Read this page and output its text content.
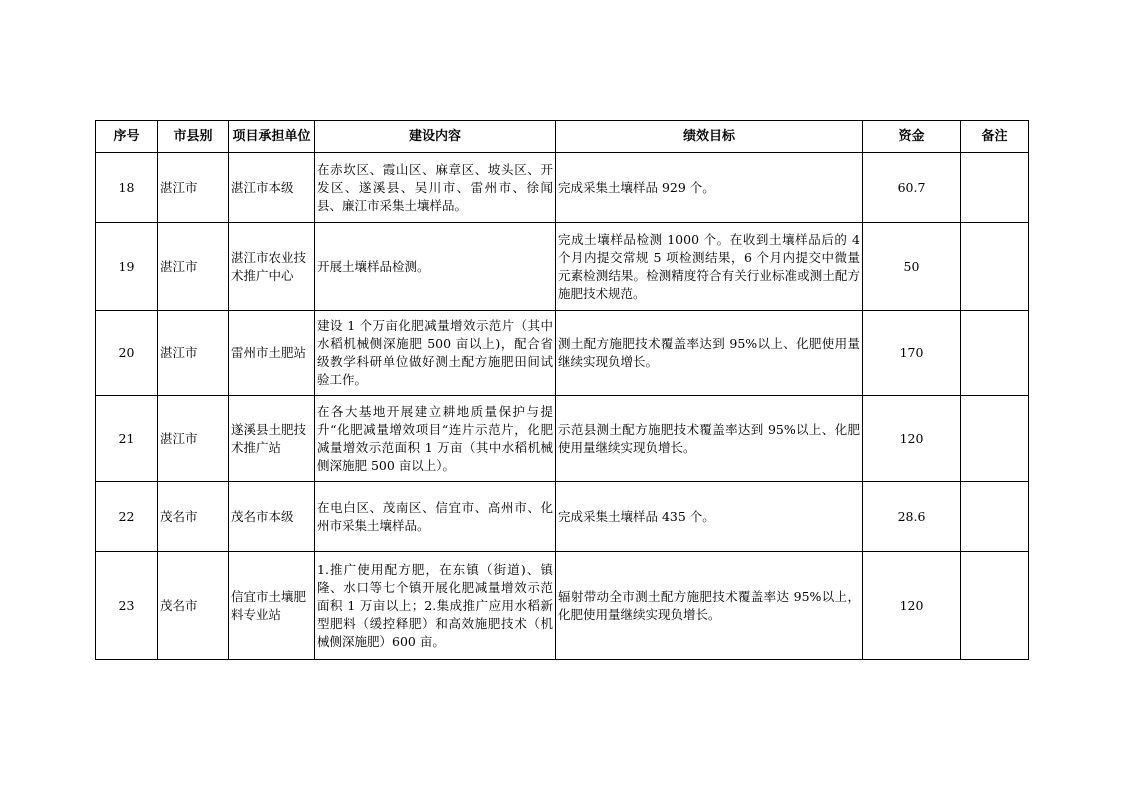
序号	市县别	项目承担单位	建设内容	绩效目标	资金	备注
18	湛江市	湛江市本级	在赤坎区、霞山区、麻章区、坡头区、开发区、遂溪县、吴川市、雷州市、徐闻县、廉江市采集土壤样品。	完成采集土壤样品 929 个。	60.7	
19	湛江市	湛江市农业技术推广中心	开展土壤样品检测。	完成土壤样品检测 1000 个。在收到土壤样品后的 4 个月内提交常规 5 项检测结果，6 个月内提交中微量元素检测结果。检测精度符合有关行业标准或测土配方施肥技术规范。	50	
20	湛江市	雷州市土肥站	建设 1 个万亩化肥减量增效示范片（其中水稻机械侧深施肥 500 亩以上)，配合省级教学科研单位做好测土配方施肥田间试验工作。	测土配方施肥技术覆盖率达到 95%以上、化肥使用量继续实现负增长。	170	
21	湛江市	遂溪县土肥技术推广站	在各大基地开展建立耕地质量保护与提升“化肥减量增效项目“连片示范片，化肥减量增效示范面积 1 万亩（其中水稻机械侧深施肥 500 亩以上）。	示范县测土配方施肥技术覆盖率达到 95%以上、化肥使用量继续实现负增长。	120	
22	茂名市	茂名市本级	在电白区、茂南区、信宜市、高州市、化州市采集土壤样品。	完成采集土壤样品 435 个。	28.6	
23	茂名市	信宜市土壤肥料专业站	1.推广使用配方肥，在东镇（街道)、镇隆、水口等七个镇开展化肥减量增效示范面积 1 万亩以上；2.集成推广应用水稻新型肥料（缓控释肥）和高效施肥技术（机械侧深施肥）600 亩。	辐射带动全市测土配方施肥技术覆盖率达 95%以上，化肥使用量继续实现负增长。	120	
